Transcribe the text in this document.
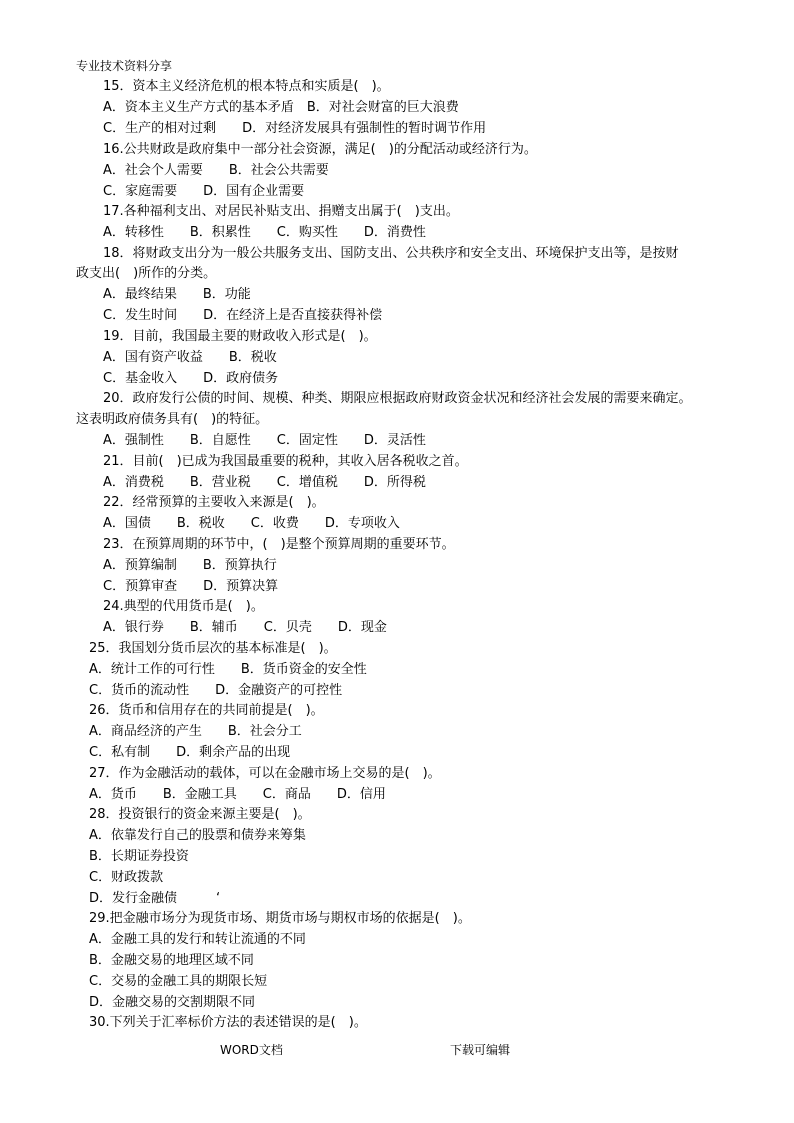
专业技术资料分享
15．资本主义经济危机的根本特点和实质是(　)。
A．资本主义生产方式的基本矛盾　B．对社会财富的巨大浪费
C．生产的相对过剩　　D．对经济发展具有强制性的暂时调节作用
16.公共财政是政府集中一部分社会资源，满足(　)的分配活动或经济行为。
A．社会个人需要　　B．社会公共需要
C．家庭需要　　D．国有企业需要
17.各种福利支出、对居民补贴支出、捐赠支出属于(　)支出。
A．转移性　　B．积累性　　C．购买性　　D．消费性
18．将财政支出分为一般公共服务支出、国防支出、公共秩序和安全支出、环境保护支出等，是按财
政支出(　)所作的分类。
A．最终结果　　B．功能
C．发生时间　　D．在经济上是否直接获得补偿
19．目前，我国最主要的财政收入形式是(　)。
A．国有资产收益　　B．税收
C．基金收入　　D．政府债务
20．政府发行公债的时间、规模、种类、期限应根据政府财政资金状况和经济社会发展的需要来确定。
这表明政府债务具有(　)的特征。
A．强制性　　B．自愿性　　C．固定性　　D．灵活性
21．目前(　)已成为我国最重要的税种，其收入居各税收之首。
A．消费税　　B．营业税　　C．增值税　　D．所得税
22．经常预算的主要收入来源是(　)。
A．国债　　B．税收　　C．收费　　D．专项收入
23．在预算周期的环节中，(　)是整个预算周期的重要环节。
A．预算编制　　B．预算执行
C．预算审查　　D．预算决算
24.典型的代用货币是(　)。
A．银行券　　B．辅币　　C．贝壳　　D．现金
25．我国划分货币层次的基本标准是(　)。
A．统计工作的可行性　　B．货币资金的安全性
C．货币的流动性　　D．金融资产的可控性
26．货币和信用存在的共同前提是(　)。
A．商品经济的产生　　B．社会分工
C．私有制　　D．剩余产品的出现
27．作为金融活动的载体，可以在金融市场上交易的是(　)。
A．货币　　B．金融工具　　C．商品　　D．信用
28．投资银行的资金来源主要是(　)。
A．依靠发行自己的股票和债券来筹集
B．长期证券投资
C．财政拨款
D．发行金融债　　　‘
29.把金融市场分为现货市场、期货市场与期权市场的依据是(　)。
A．金融工具的发行和转让流通的不同
B．金融交易的地理区域不同
C．交易的金融工具的期限长短
D．金融交易的交割期限不同
30.下列关于汇率标价方法的表述错误的是(　)。
WORD文档	下载可编辑
